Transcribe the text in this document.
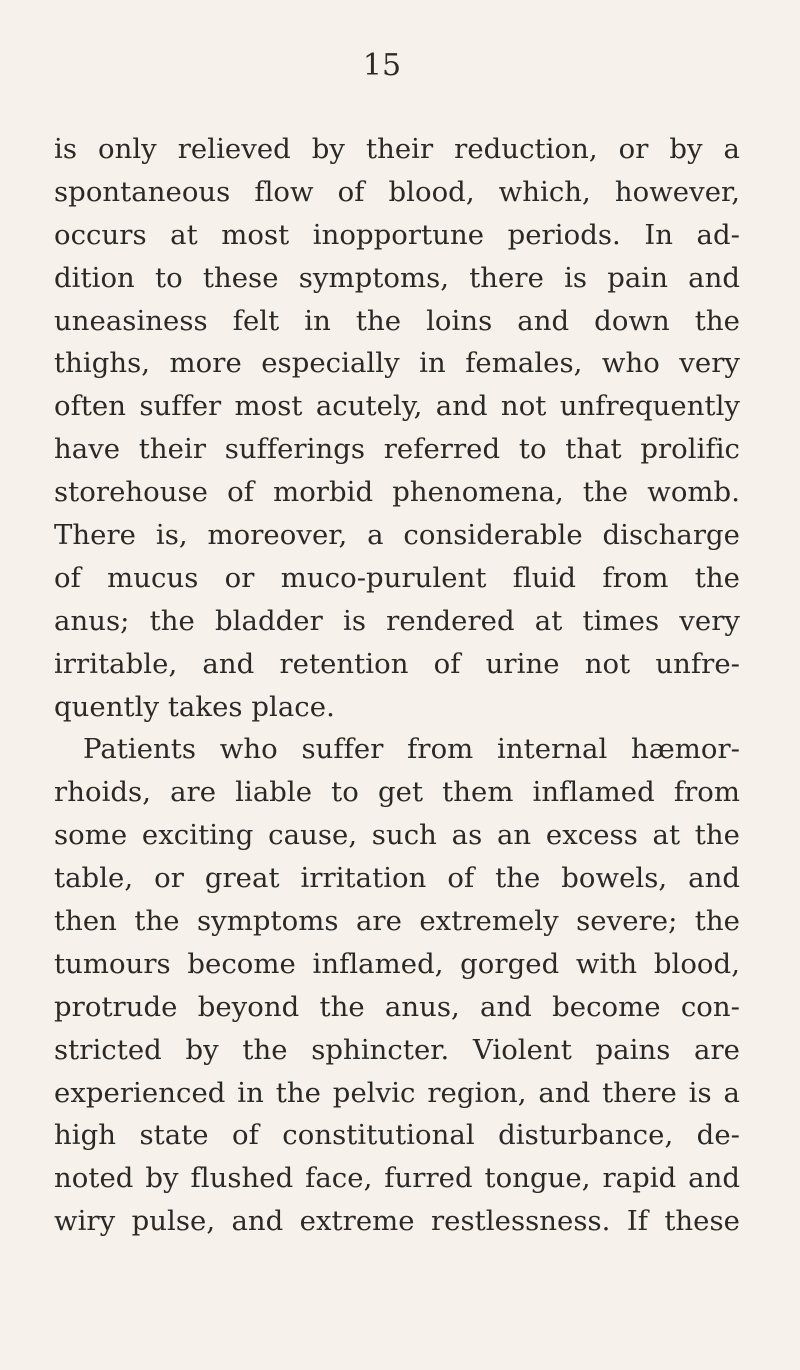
15
is only relieved by their reduction, or by a
spontaneous flow of blood, which, however,
occurs at most inopportune periods. In ad-
dition to these symptoms, there is pain and
uneasiness felt in the loins and down the
thighs, more especially in females, who very
often suffer most acutely, and not unfrequently
have their sufferings referred to that prolific
storehouse of morbid phenomena, the womb.
There is, moreover, a considerable discharge
of mucus or muco-purulent fluid from the
anus; the bladder is rendered at times very
irritable, and retention of urine not unfre-
quently takes place.
Patients who suffer from internal hæmor-
rhoids, are liable to get them inflamed from
some exciting cause, such as an excess at the
table, or great irritation of the bowels, and
then the symptoms are extremely severe; the
tumours become inflamed, gorged with blood,
protrude beyond the anus, and become con-
stricted by the sphincter. Violent pains are
experienced in the pelvic region, and there is a
high state of constitutional disturbance, de-
noted by flushed face, furred tongue, rapid and
wiry pulse, and extreme restlessness. If these
